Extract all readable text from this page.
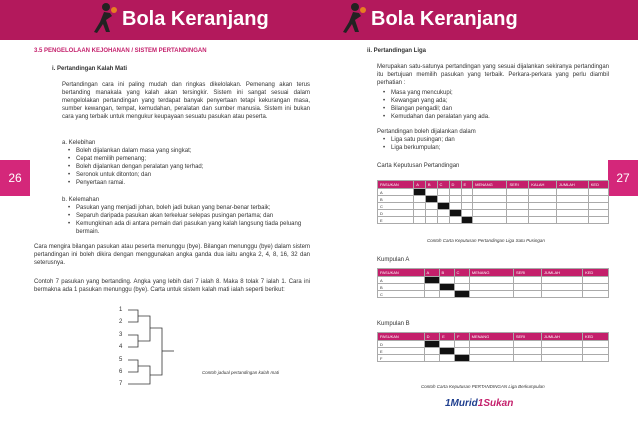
Bola Keranjang
26
3.5 PENGELOLAAN KEJOHANAN / SISTEM PERTANDINGAN
i. Pertandingan Kalah Mati
Pertandingan cara ini paling mudah dan ringkas dikelolakan. Pemenang akan terus bertanding manakala yang kalah akan tersingkir. Sistem ini sangat sesuai dalam mengelolakan pertandingan yang terdapat banyak penyertaan tetapi kekurangan masa, sumber kewangan, tempat, kemudahan, peralatan dan sumber manusia. Sistem ini bukan cara yang terbaik untuk mengukur keupayaan sesuatu pasukan atau peserta.
a. Kelebihan
• Boleh dijalankan dalam masa yang singkat;
• Cepat memilih pemenang;
• Boleh dijalankan dengan peralatan yang terhad;
• Seronok untuk ditonton; dan
• Penyertaan ramai.
b. Kelemahan
• Pasukan yang menjadi johan, boleh jadi bukan yang benar-benar terbaik;
• Separuh daripada pasukan akan terkeluar selepas pusingan pertama; dan
• Kemungkinan ada di antara pemain dari pasukan yang kalah langsung tiada peluang bermain.
Cara mengira bilangan pasukan atau peserta menunggu (bye). Bilangan menunggu (bye) dalam sistem pertandingan ini boleh dikira dengan menggunakan angka ganda dua iaitu angka 2, 4, 8, 16, 32 dan seterusnya.
Contoh 7 pasukan yang bertanding. Angka yang lebih dari 7 ialah 8. Maka 8 tolak 7 ialah 1. Cara ini bermakna ada 1 pasukan menunggu (bye). Carta untuk sistem kalah mati ialah seperti berikut:
1
2
3
4
5
6
7
Contoh jadual pertandingan kalah mati
Bola Keranjang
27
ii. Pertandingan Liga
Merupakan satu-satunya pertandingan yang sesuai dijalankan sekiranya pertandingan itu bertujuan memilih pasukan yang terbaik. Perkara-perkara yang perlu diambil perhatian :
• Masa yang mencukupi;
• Kewangan yang ada;
• Bilangan pengadil; dan
• Kemudahan dan peralatan yang ada.
Pertandingan boleh dijalankan dalam
• Liga satu pusingan; dan
• Liga berkumpulan;
Carta Keputusan Pertandingan
PASUKAN	A	B	C	D	E	MENANG	SERI	KALAH	JUMLAH	KED
A										
B										
C										
D										
E										
Contoh Carta Keputusan Pertandingan Liga Satu Pusingan
Kumpulan A
PASUKAN	A	B	C	MENANG	SERI	JUMLAH	KED
A							
B							
C							
Kumpulan B
PASUKAN	D	E	F	MENANG	SERI	JUMLAH	KED
D							
E							
F							
Contoh Carta Keputusan PERTANDINGAN Liga Berkumpulan
1Murid1Sukan
